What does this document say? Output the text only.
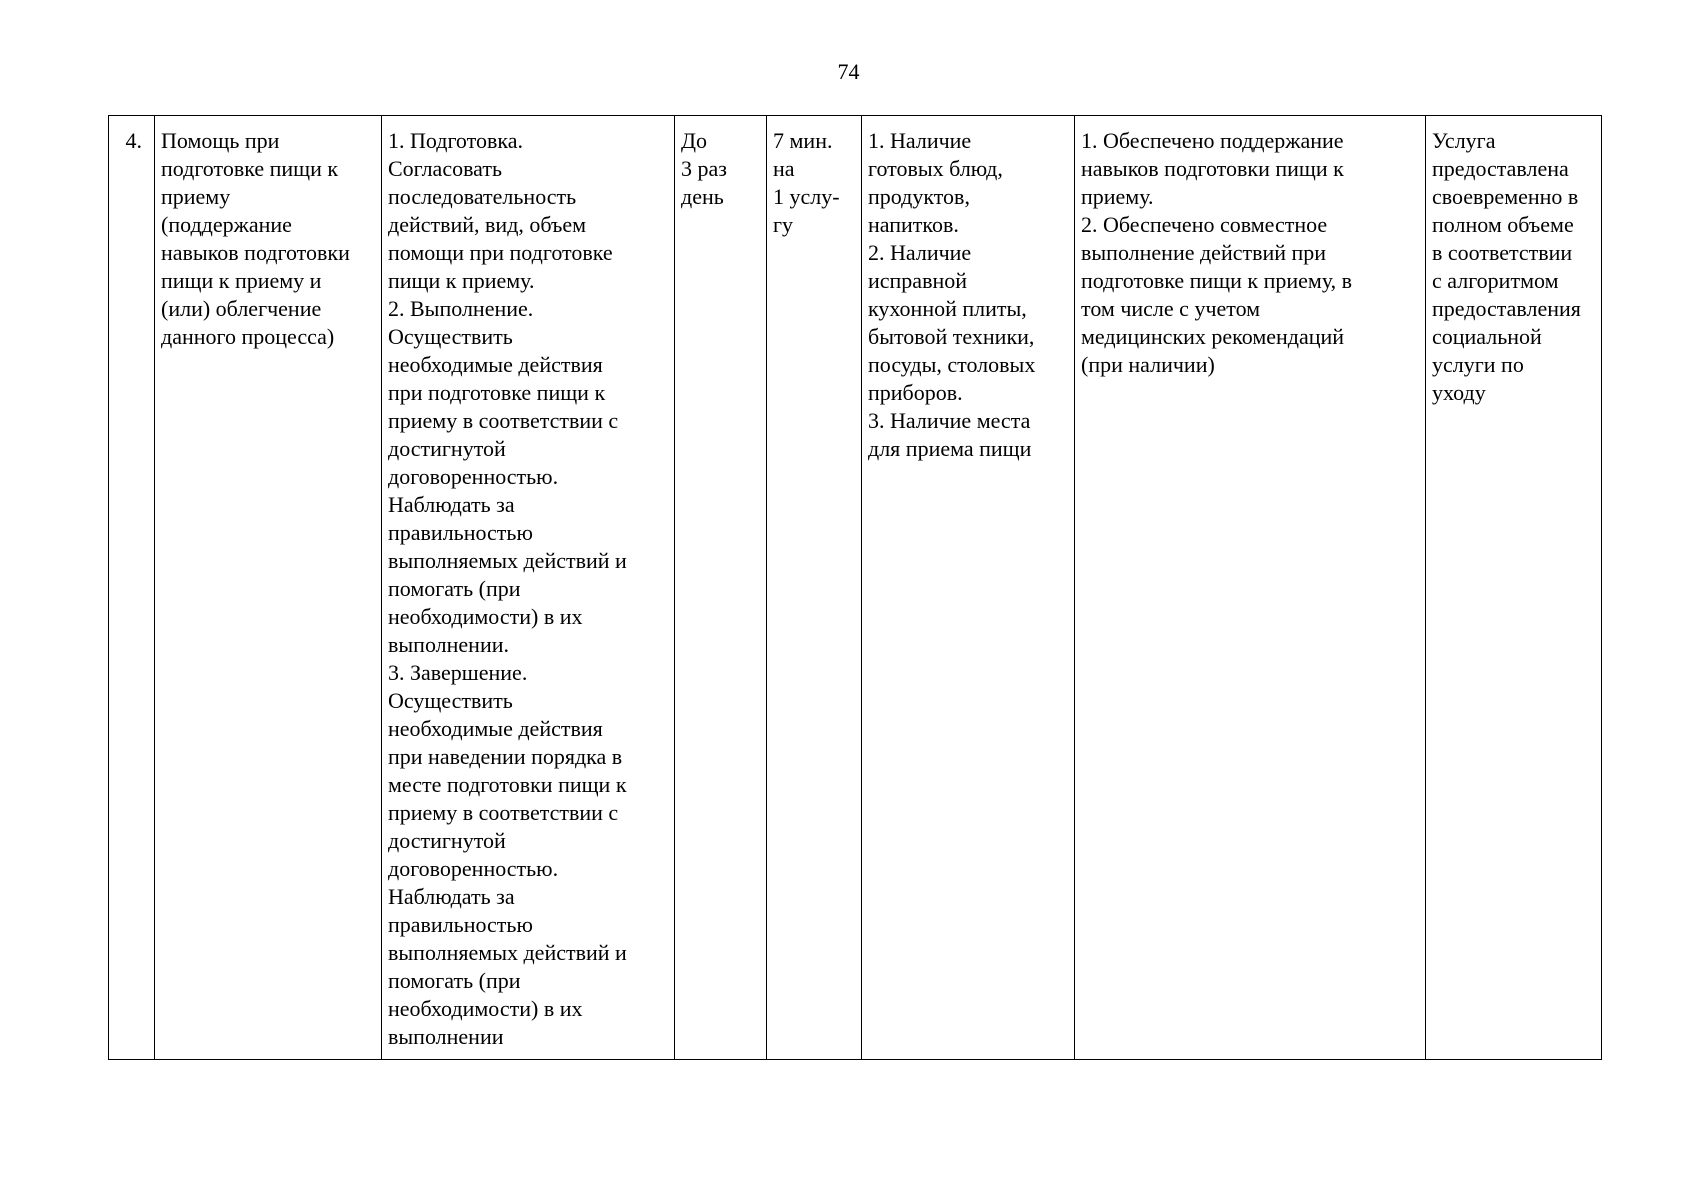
74
4.	Помощь при
подготовке пищи к
приему
(поддержание
навыков подготовки
пищи к приему и
(или) облегчение
данного процесса)	1. Подготовка.
Согласовать
последовательность
действий, вид, объем
помощи при подготовке
пищи к приему.
2. Выполнение.
Осуществить
необходимые действия
при подготовке пищи к
приему в соответствии с
достигнутой
договоренностью.
Наблюдать за
правильностью
выполняемых действий и
помогать (при
необходимости) в их
выполнении.
3. Завершение.
Осуществить
необходимые действия
при наведении порядка в
месте подготовки пищи к
приему в соответствии с
достигнутой
договоренностью.
Наблюдать за
правильностью
выполняемых действий и
помогать (при
необходимости) в их
выполнении	До
3 раз
день	7 мин.
на
1 услу-
гу	1. Наличие
готовых блюд,
продуктов,
напитков.
2. Наличие
исправной
кухонной плиты,
бытовой техники,
посуды, столовых
приборов.
3. Наличие места
для приема пищи	1. Обеспечено поддержание
навыков подготовки пищи к
приему.
2. Обеспечено совместное
выполнение действий при
подготовке пищи к приему, в
том числе с учетом
медицинских рекомендаций
(при наличии)	Услуга
предоставлена
своевременно в
полном объеме
в соответствии
с алгоритмом
предоставления
социальной
услуги по
уходу
